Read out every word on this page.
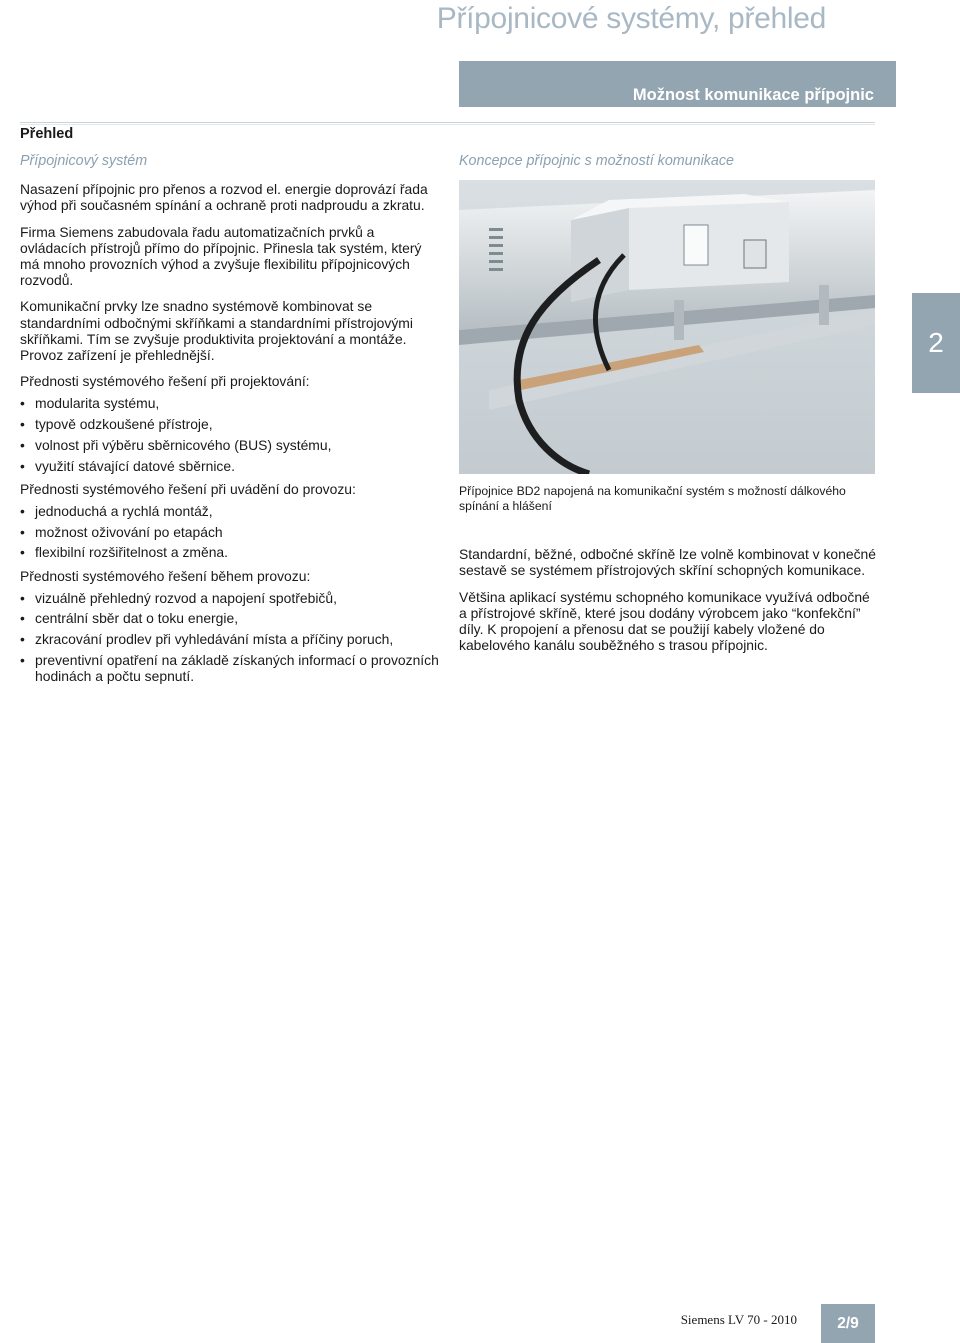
Přípojnicové systémy, přehled
Možnost komunikace přípojnic
Přehled
Přípojnicový systém

Nasazení přípojnic pro přenos a rozvod el. energie doprovází řada výhod při současném spínání a ochraně proti nadproudu a zkratu.

Firma Siemens zabudovala řadu automatizačních prvků a ovládacích přístrojů přímo do přípojnic. Přinesla tak systém, který má mnoho provozních výhod a zvyšuje flexibilitu přípojnicových rozvodů.

Komunikační prvky lze snadno systémově kombinovat se standardními odbočnými skříňkami a standardními přístrojovými skříňkami. Tím se zvyšuje produktivita projektování a montáže. Provoz zařízení je přehlednější.

Přednosti systémového řešení při projektování:

• modularita systému,
• typově odzkoušené přístroje,
• volnost při výběru sběrnicového (BUS) systému,
• využití stávající datové sběrnice.

Přednosti systémového řešení při uvádění do provozu:

• jednoduchá a rychlá montáž,
• možnost oživování po etapách
• flexibilní rozšiřitelnost a změna.

Přednosti systémového řešení během provozu:

• vizuálně přehledný rozvod a napojení spotřebičů,
• centrální sběr dat o toku energie,
• zkracování prodlev při vyhledávání místa a příčiny poruch,
• preventivní opatření na základě získaných informací o provozních hodinách a počtu sepnutí.
Koncepce přípojnic s možností komunikace

Přípojnice BD2 napojená na komunikační systém s možností dálkového spínání a hlášení

Standardní, běžné, odbočné skříně lze volně kombinovat v konečné sestavě se systémem přístrojových skříní schopných komunikace.

Většina aplikací systému schopného komunikace využívá odbočné a přístrojové skříně, které jsou dodány výrobcem jako “konfekční” díly. K propojení a přenosu dat se použijí kabely vložené do kabelového kanálu souběžného s trasou přípojnic.

2
Siemens LV 70 - 2010	2/9
